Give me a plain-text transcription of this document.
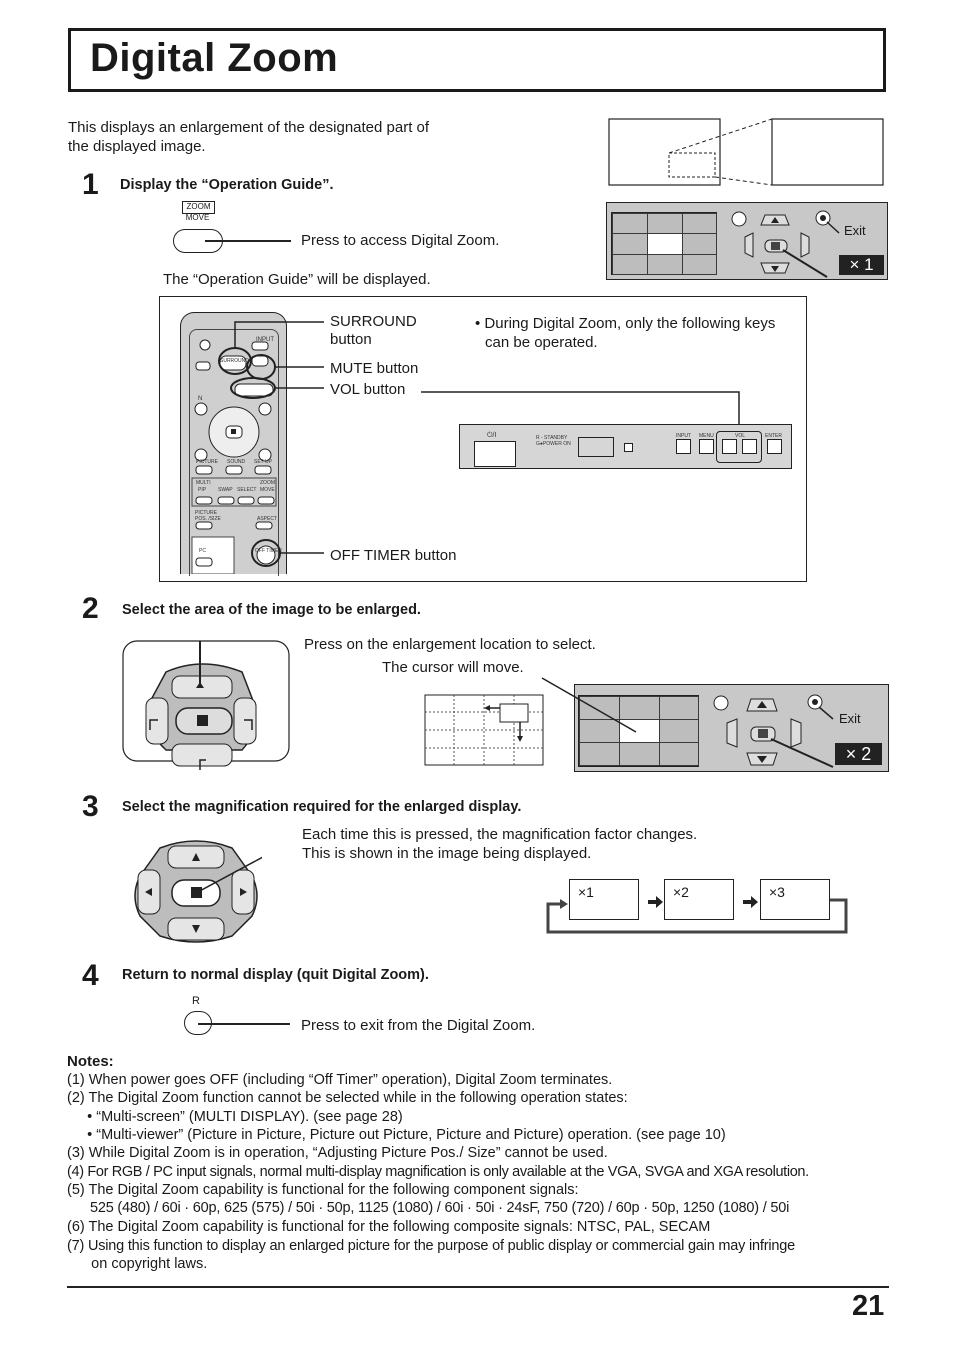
Digital Zoom
This displays an enlargement of the designated part of
the displayed image.
1 Display the “Operation Guide”.
ZOOM
MOVE
Press to access Digital Zoom.
The “Operation Guide” will be displayed.
Exit
× 1
INPUT
SURROUND
N
PICTURE SOUND SET UP
MULTI
PIP SWAP SELECT
ZOOM
MOVE
PICTURE
POS. /SIZE	ASPECT
PC	OFF TIMER
SURROUND
button
MUTE button
VOL button
OFF TIMER button
• During Digital Zoom, only the following keys
can be operated.
⏻/I	R - STANDBY
G●POWER ON
INPUT MENU	VOL	ENTER
2 Select the area of the image to be enlarged.
Press on the enlargement location to select.
The cursor will move.
Exit
× 2
3 Select the magnification required for the enlarged display.
Each time this is pressed, the magnification factor changes.
This is shown in the image being displayed.
×1	×2	×3
4 Return to normal display (quit Digital Zoom).
R
Press to exit from the Digital Zoom.
Notes:
(1) When power goes OFF (including “Off Timer” operation), Digital Zoom terminates.
(2) The Digital Zoom function cannot be selected while in the following operation states:
• “Multi-screen” (MULTI DISPLAY). (see page 28)
• “Multi-viewer” (Picture in Picture, Picture out Picture, Picture and Picture) operation. (see page 10)
(3) While Digital Zoom is in operation, “Adjusting Picture Pos./ Size” cannot be used.
(4) For RGB / PC input signals, normal multi-display magnification is only available at the VGA, SVGA and XGA resolution.
(5) The Digital Zoom capability is functional for the following component signals:
525 (480) / 60i · 60p, 625 (575) / 50i · 50p, 1125 (1080) / 60i · 50i · 24sF, 750 (720) / 60p · 50p, 1250 (1080) / 50i
(6) The Digital Zoom capability is functional for the following composite signals: NTSC, PAL, SECAM
(7) Using this function to display an enlarged picture for the purpose of public display or commercial gain may infringe
on copyright laws.
21
